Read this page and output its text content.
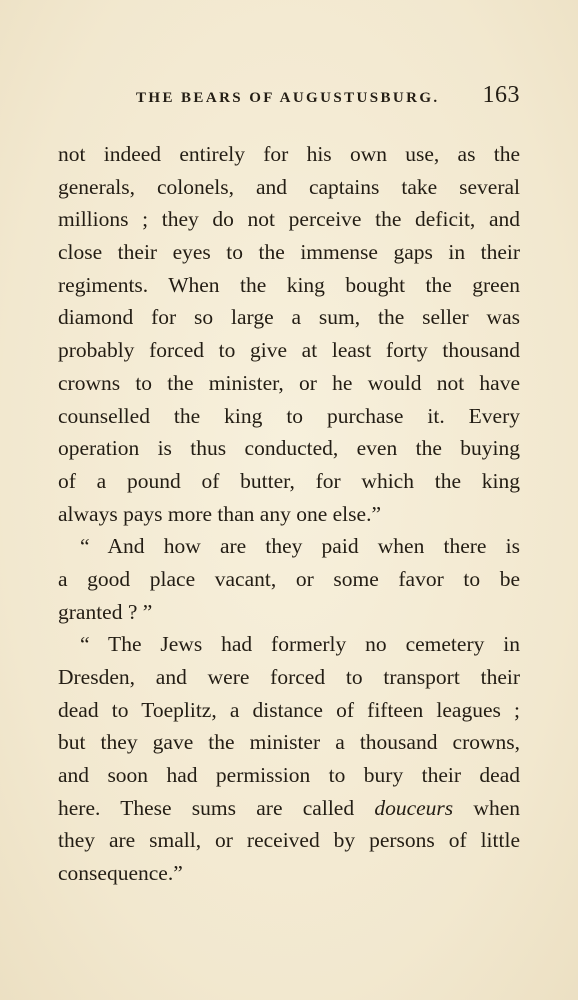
THE BEARS OF AUGUSTUSBURG. 163
not indeed entirely for his own use, as the
generals, colonels, and captains take several
millions ; they do not perceive the deficit, and
close their eyes to the immense gaps in their
regiments. When the king bought the green
diamond for so large a sum, the seller was
probably forced to give at least forty thousand
crowns to the minister, or he would not have
counselled the king to purchase it. Every
operation is thus conducted, even the buying
of a pound of butter, for which the king
always pays more than any one else.”
“ And how are they paid when there is
a good place vacant, or some favor to be
granted ? ”
“ The Jews had formerly no cemetery in
Dresden, and were forced to transport their
dead to Toeplitz, a distance of fifteen leagues ;
but they gave the minister a thousand crowns,
and soon had permission to bury their dead
here. These sums are called douceurs when
they are small, or received by persons of little
consequence.”
